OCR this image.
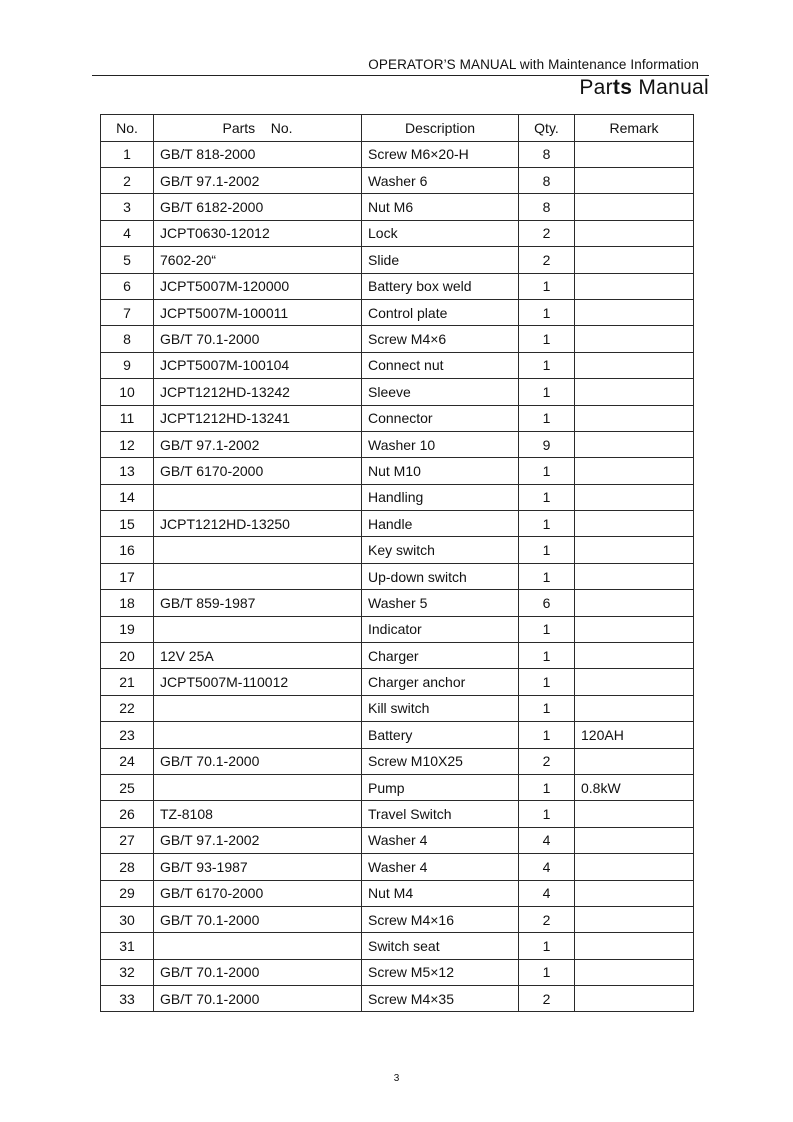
OPERATOR’S MANUAL with Maintenance Information
Parts Manual
No.	Parts    No.	Description	Qty.	Remark
1	GB/T 818-2000	Screw M6×20-H	8	
2	GB/T 97.1-2002	Washer 6	8	
3	GB/T 6182-2000	Nut M6	8	
4	JCPT0630-12012	Lock	2	
5	7602-20“	Slide	2	
6	JCPT5007M-120000	Battery box weld	1	
7	JCPT5007M-100011	Control plate	1	
8	GB/T 70.1-2000	Screw M4×6	1	
9	JCPT5007M-100104	Connect nut	1	
10	JCPT1212HD-13242	Sleeve	1	
11	JCPT1212HD-13241	Connector	1	
12	GB/T 97.1-2002	Washer 10	9	
13	GB/T 6170-2000	Nut M10	1	
14		Handling	1	
15	JCPT1212HD-13250	Handle	1	
16		Key switch	1	
17		Up-down switch	1	
18	GB/T 859-1987	Washer 5	6	
19		Indicator	1	
20	12V 25A	Charger	1	
21	JCPT5007M-110012	Charger anchor	1	
22		Kill switch	1	
23		Battery	1	120AH
24	GB/T 70.1-2000	Screw M10X25	2	
25		Pump	1	0.8kW
26	TZ-8108	Travel Switch	1	
27	GB/T 97.1-2002	Washer 4	4	
28	GB/T 93-1987	Washer 4	4	
29	GB/T 6170-2000	Nut M4	4	
30	GB/T 70.1-2000	Screw M4×16	2	
31		Switch seat	1	
32	GB/T 70.1-2000	Screw M5×12	1	
33	GB/T 70.1-2000	Screw M4×35	2	
3
